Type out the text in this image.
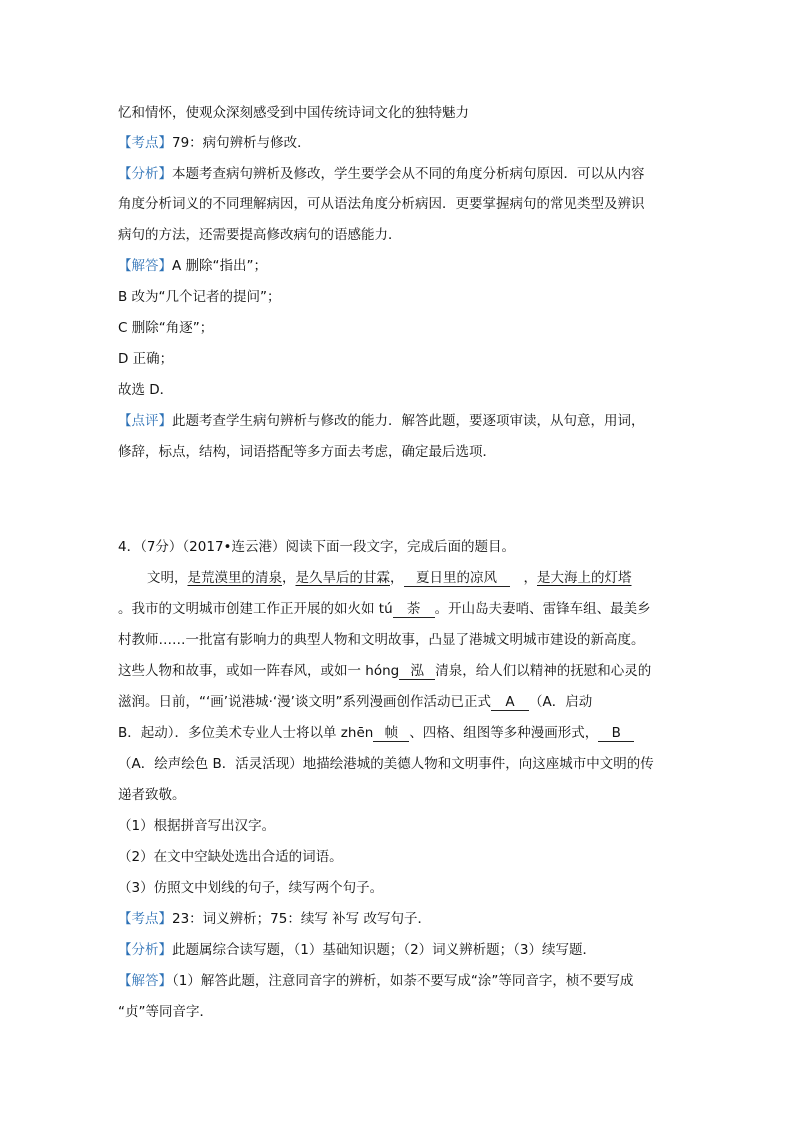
忆和情怀，使观众深刻感受到中国传统诗词文化的独特魅力
【考点】79：病句辨析与修改．
【分析】本题考查病句辨析及修改，学生要学会从不同的角度分析病句原因．可以从内容
角度分析词义的不同理解病因，可从语法角度分析病因．更要掌握病句的常见类型及辨识
病句的方法，还需要提高修改病句的语感能力．
【解答】A 删除“指出”；
B 改为“几个记者的提问”；
C 删除“角逐”；
D 正确；
故选 D．
【点评】此题考查学生病句辨析与修改的能力．解答此题，要逐项审读，从句意，用词，
修辞，标点，结构，词语搭配等多方面去考虑，确定最后选项．
4．（7分）（2017•连云港）阅读下面一段文字，完成后面的题目。
文明，是荒漠里的清泉，是久旱后的甘霖， 夏日里的凉风 ，是大海上的灯塔
。我市的文明城市创建工作正开展的如火如 tú 荼 。开山岛夫妻哨、雷锋车组、最美乡
村教师……一批富有影响力的典型人物和文明故事，凸显了港城文明城市建设的新高度。
这些人物和故事，或如一阵春风，或如一 hóng 泓 清泉，给人们以精神的抚慰和心灵的
滋润。日前，“‘画’说港城·‘漫’谈文明”系列漫画创作活动已正式 A （A．启动
B．起动）．多位美术专业人士将以单 zhēn 帧 、四格、组图等多种漫画形式， B
（A．绘声绘色 B．活灵活现）地描绘港城的美德人物和文明事件，向这座城市中文明的传
递者致敬。
（1）根据拼音写出汉字。
（2）在文中空缺处选出合适的词语。
（3）仿照文中划线的句子，续写两个句子。
【考点】23：词义辨析；75：续写 补写 改写句子．
【分析】此题属综合读写题，（1）基础知识题；（2）词义辨析题；（3）续写题．
【解答】（1）解答此题，注意同音字的辨析，如荼不要写成“涂”等同音字，桢不要写成
“贞”等同音字．
